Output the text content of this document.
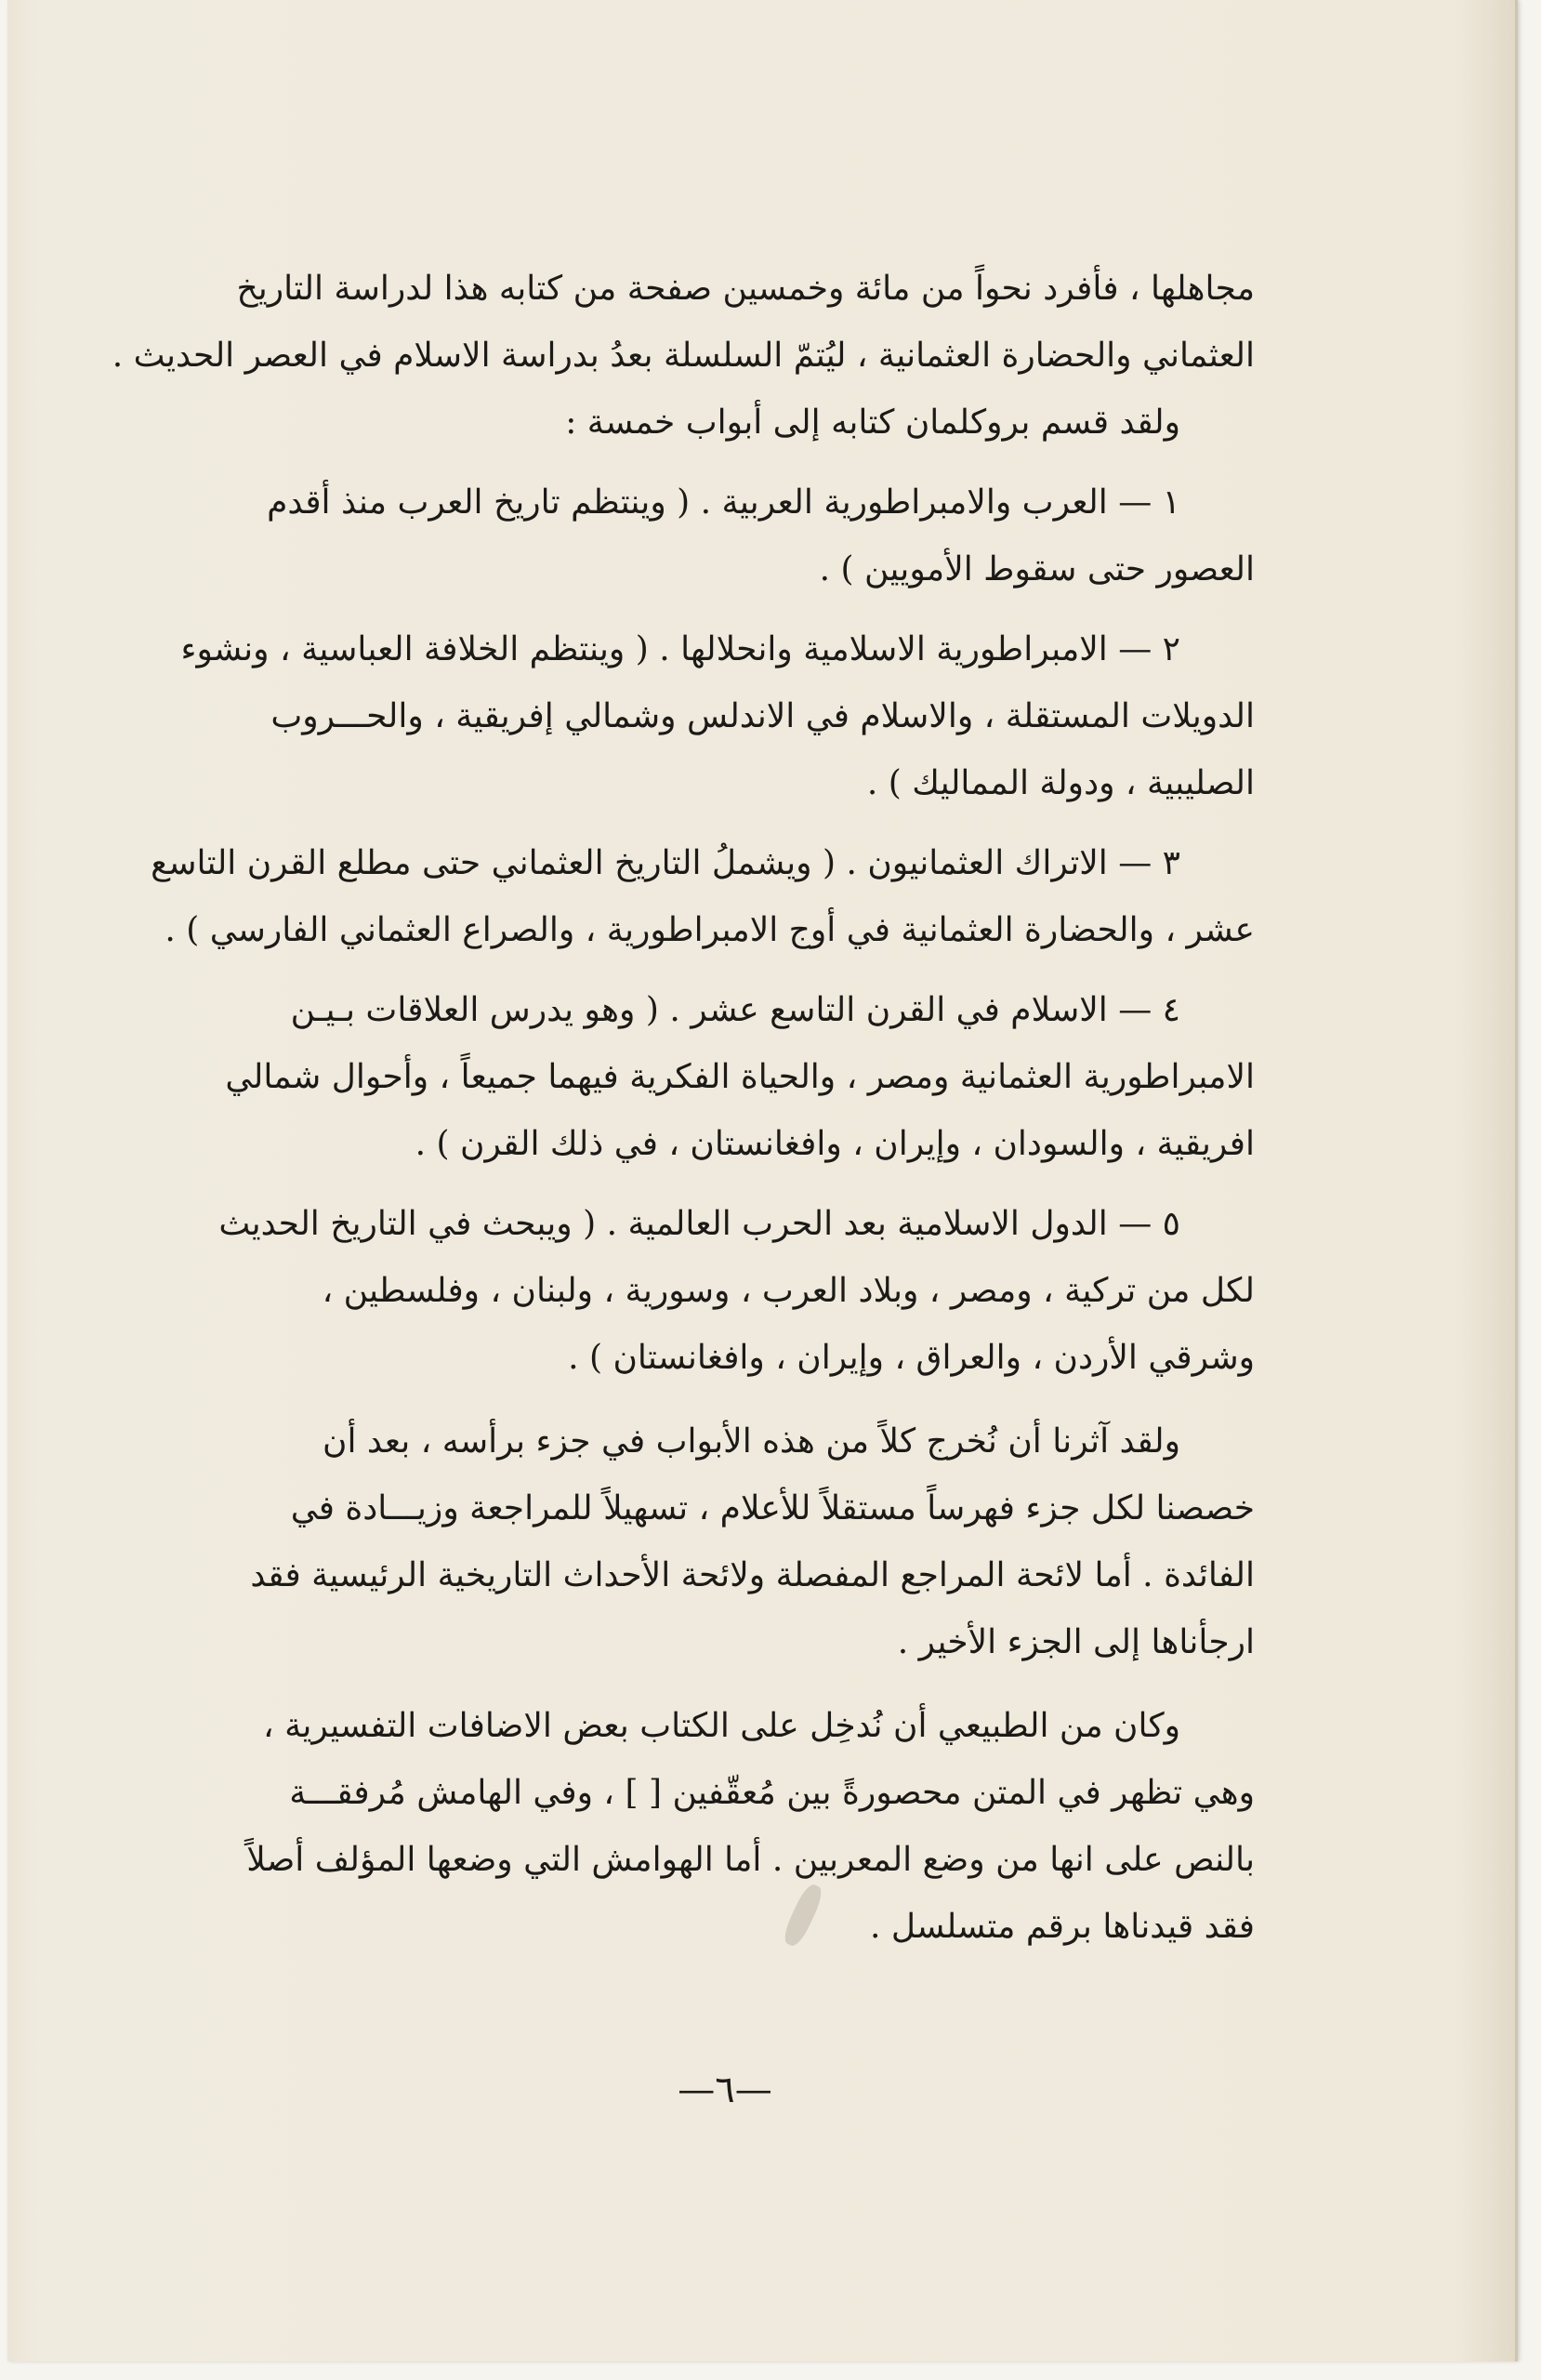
مجاهلها ، فأفرد نحواً من مائة وخمسين صفحة من كتابه هذا لدراسة التاريخ

العثماني والحضارة العثمانية ، ليُتمّ السلسلة بعدُ بدراسة الاسلام في العصر الحديث .

ولقد قسم بروكلمان كتابه إلى أبواب خمسة :

١ — العرب والامبراطورية العربية . ( وينتظم تاريخ العرب منذ أقدم

العصور حتى سقوط الأمويين ) .

٢ — الامبراطورية الاسلامية وانحلالها . ( وينتظم الخلافة العباسية ، ونشوء

الدويلات المستقلة ، والاسلام في الاندلس وشمالي إفريقية ، والحـــروب

الصليبية ، ودولة المماليك ) .

٣ — الاتراك العثمانيون . ( ويشملُ التاريخ العثماني حتى مطلع القرن التاسع

عشر ، والحضارة العثمانية في أوج الامبراطورية ، والصراع العثماني الفارسي ) .

٤ — الاسلام في القرن التاسع عشر . ( وهو يدرس العلاقات بـيـن

الامبراطورية العثمانية ومصر ، والحياة الفكرية فيهما جميعاً ، وأحوال شمالي

افريقية ، والسودان ، وإيران ، وافغانستان ، في ذلك القرن ) .

٥ — الدول الاسلامية بعد الحرب العالمية . ( ويبحث في التاريخ الحديث

لكل من تركية ، ومصر ، وبلاد العرب ، وسورية ، ولبنان ، وفلسطين ،

وشرقي الأردن ، والعراق ، وإيران ، وافغانستان ) .

ولقد آثرنا أن نُخرج كلاً من هذه الأبواب في جزء برأسه ، بعد أن

خصصنا لكل جزء فهرساً مستقلاً للأعلام ، تسهيلاً للمراجعة وزيـــادة في

الفائدة . أما لائحة المراجع المفصلة ولائحة الأحداث التاريخية الرئيسية فقد

ارجأناها إلى الجزء الأخير .

وكان من الطبيعي أن نُدخِل على الكتاب بعض الاضافات التفسيرية ،

وهي تظهر في المتن محصورةً بين مُعقّفين [ ] ، وفي الهامش مُرفقـــة

بالنص على انها من وضع المعربين . أما الهوامش التي وضعها المؤلف أصلاً

فقد قيدناها برقم متسلسل .

—٦—
